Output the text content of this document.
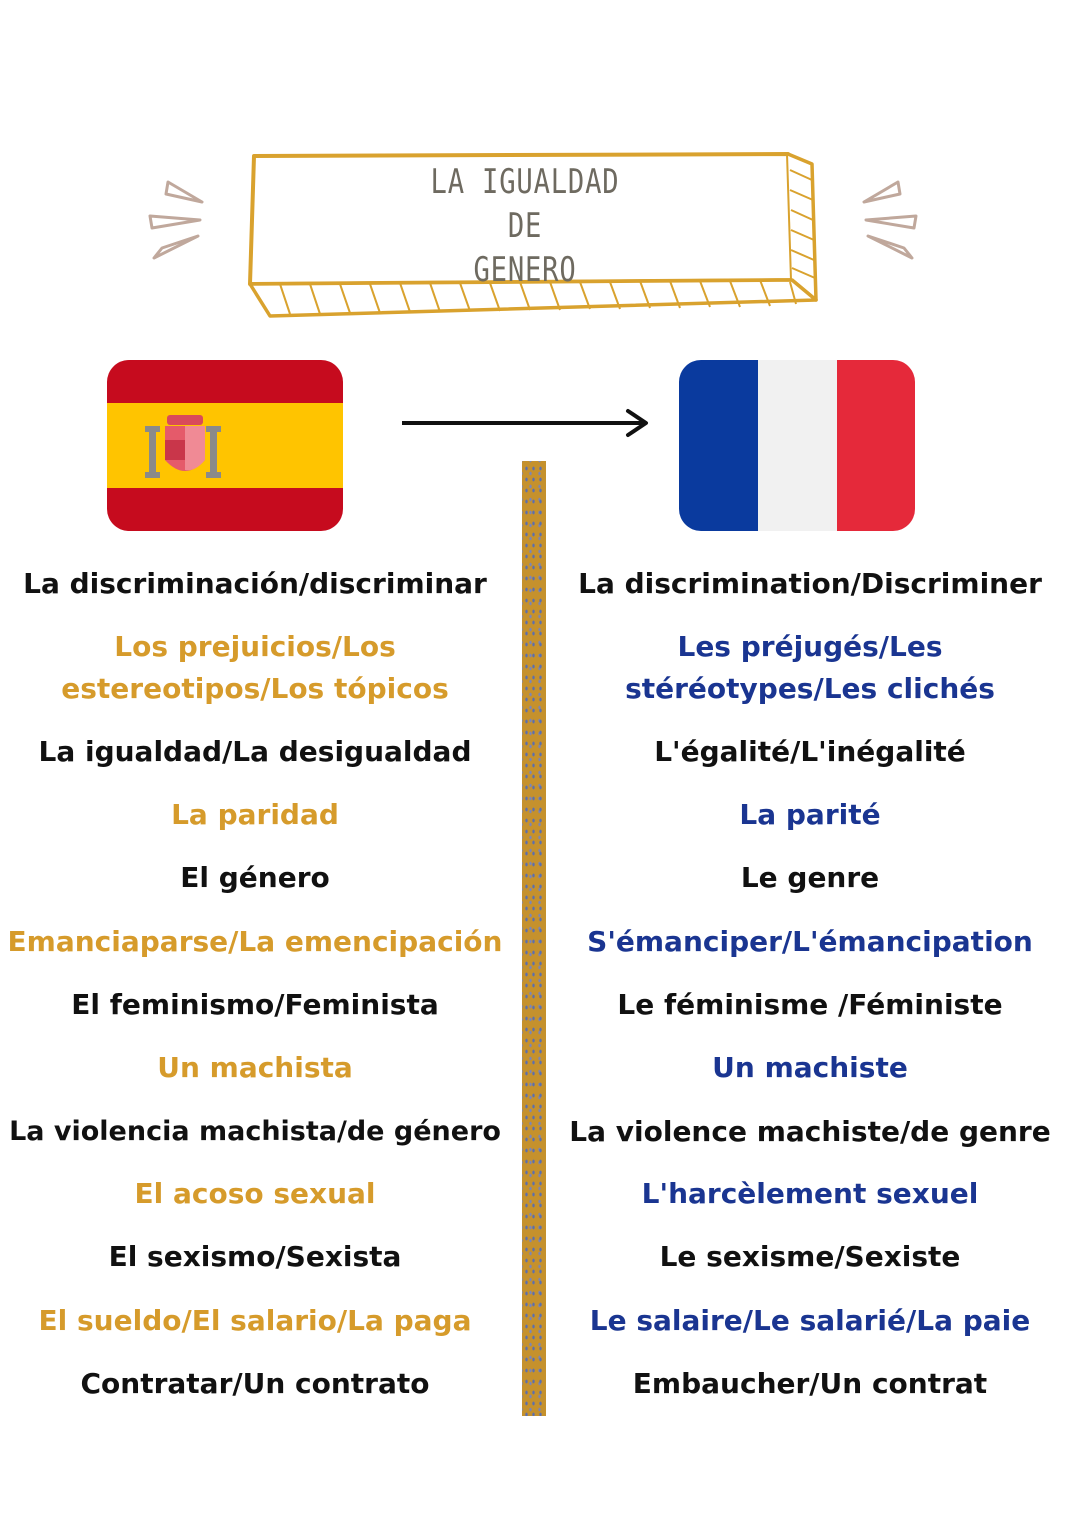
LA IGUALDAD
DE
GENERO
La discriminación/discriminar
Los prejuicios/Los
estereotipos/Los tópicos
La igualdad/La desigualdad
La paridad
El género
Emanciaparse/La emencipación
El feminismo/Feminista
Un machista
La violencia machista/de género
El acoso sexual
El sexismo/Sexista
El sueldo/El salario/La paga
Contratar/Un contrato
La discrimination/Discriminer
Les préjugés/Les
stéréotypes/Les clichés
L'égalité/L'inégalité
La parité
Le genre
S'émanciper/L'émancipation
Le féminisme /Féministe
Un machiste
La violence machiste/de genre
L'harcèlement sexuel
Le sexisme/Sexiste
Le salaire/Le salarié/La paie
Embaucher/Un contrat
